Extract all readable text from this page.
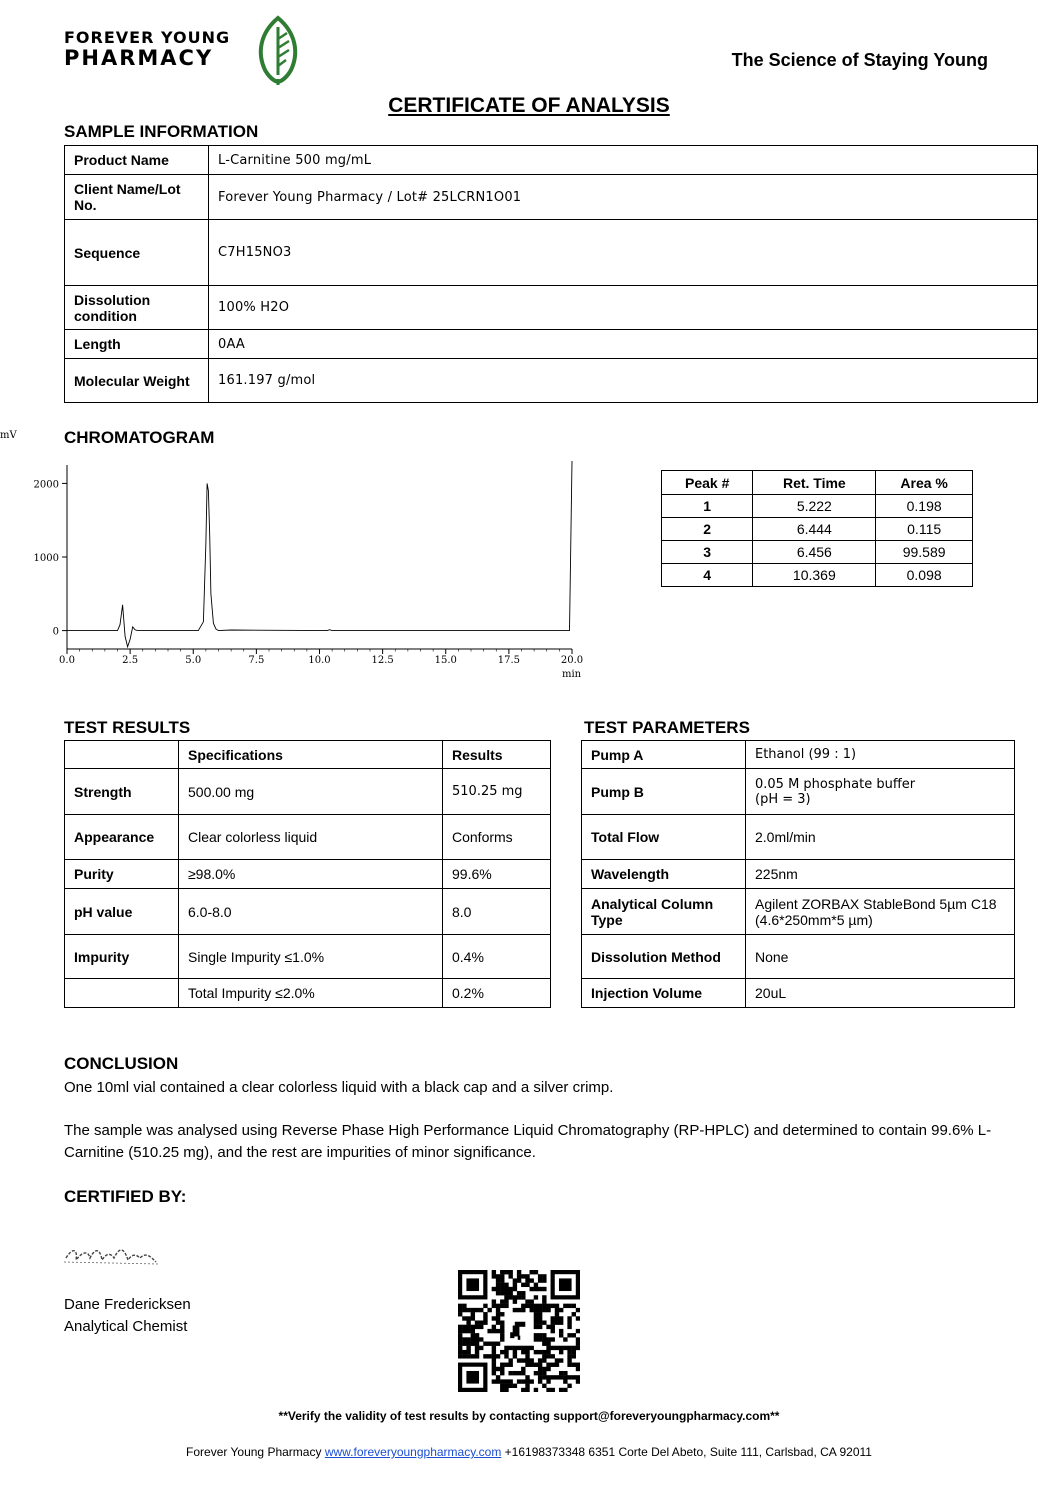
FOREVER YOUNG
PHARMACY	The Science of Staying Young
CERTIFICATE OF ANALYSIS
SAMPLE INFORMATION
Product Name	L-Carnitine 500 mg/mL
Client Name/Lot No.	Forever Young Pharmacy / Lot# 25LCRN1O01
Sequence	C7H15NO3
Dissolution condition	100% H2O
Length	0AA
Molecular Weight	161.197 g/mol
CHROMATOGRAM
0.0	2.5	5.0	7.5	10.0	12.5	15.0	17.5	20.0
0
1000
2000
mV
min
Peak #	Ret. Time	Area %
1	5.222	0.198
2	6.444	0.115
3	6.456	99.589
4	10.369	0.098
TEST RESULTS
	Specifications	Results
Strength	500.00 mg	510.25 mg
Appearance	Clear colorless liquid	Conforms
Purity	≥98.0%	99.6%
pH value	6.0-8.0	8.0
Impurity	Single Impurity ≤1.0%	0.4%
	Total Impurity ≤2.0%	0.2%
TEST PARAMETERS
Pump A	Ethanol (99 : 1)
Pump B	0.05 M phosphate buffer
(pH = 3)

Total Flow	2.0ml/min
Wavelength	225nm
Analytical Column Type	Agilent ZORBAX StableBond 5µm C18 (4.6*250mm*5 µm)
Dissolution Method	None
Injection Volume	20uL
CONCLUSION
One 10ml vial contained a clear colorless liquid with a black cap and a silver crimp.
The sample was analysed using Reverse Phase High Performance Liquid Chromatography (RP-HPLC) and determined to contain 99.6% L-Carnitine (510.25 mg), and the rest are impurities of minor significance.
CERTIFIED BY:
Dane Fredericksen
Analytical Chemist
**Verify the validity of test results by contacting support@foreveryoungpharmacy.com**
Forever Young Pharmacy www.foreveryoungpharmacy.com +16198373348 6351 Corte Del Abeto, Suite 111, Carlsbad, CA 92011
